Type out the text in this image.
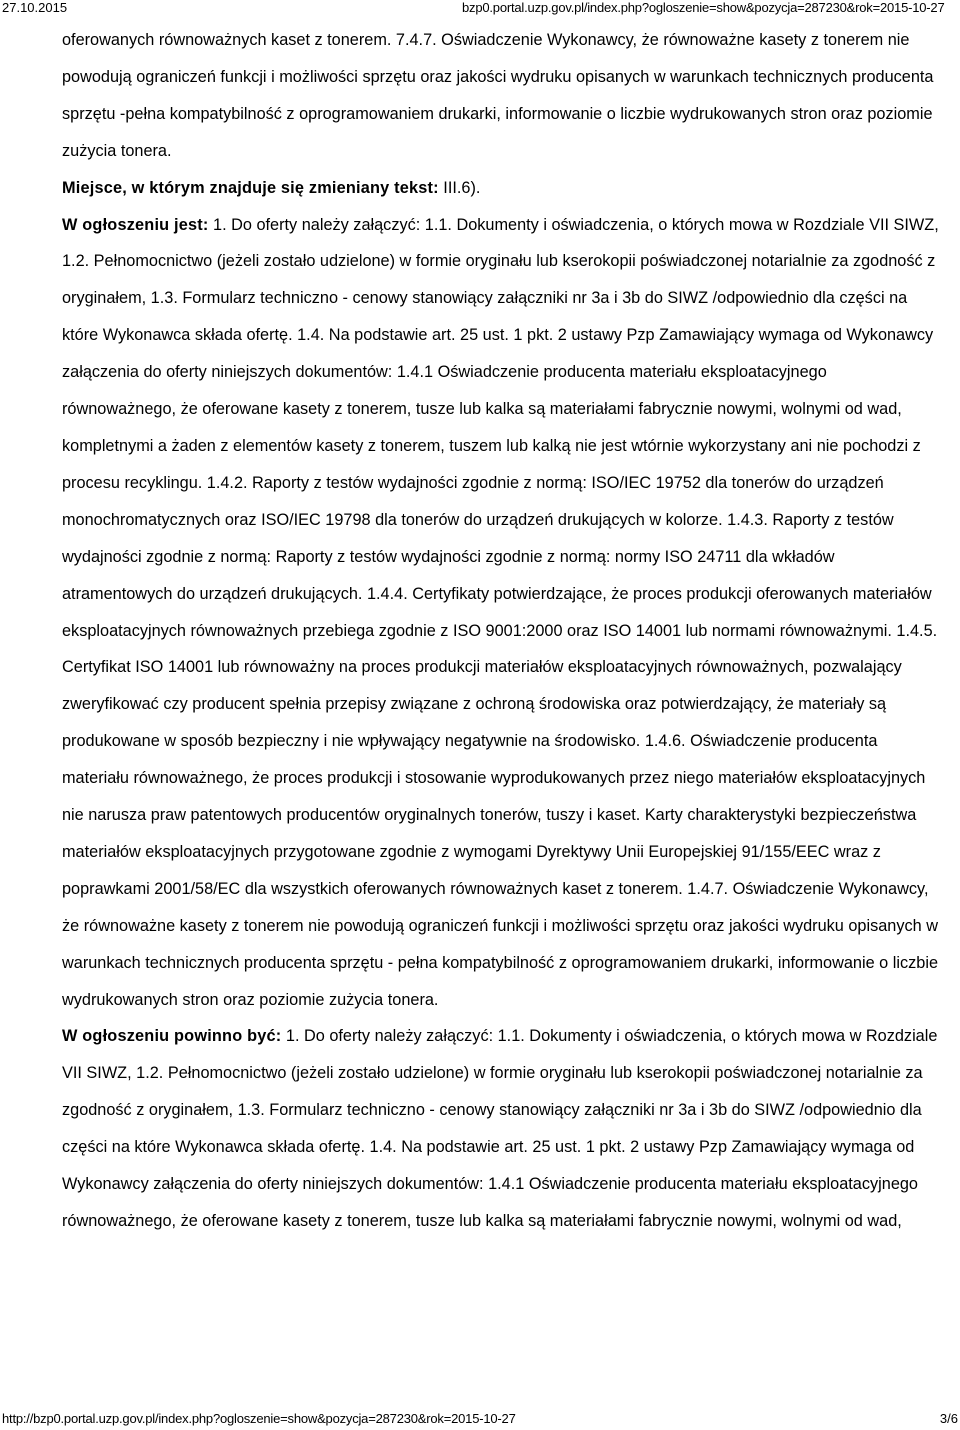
27.10.2015	bzp0.portal.uzp.gov.pl/index.php?ogloszenie=show&pozycja=287230&rok=2015-10-27

oferowanych równoważnych kaset z tonerem. 7.4.7. Oświadczenie Wykonawcy, że równoważne kasety z tonerem nie powodują ograniczeń funkcji i możliwości sprzętu oraz jakości wydruku opisanych w warunkach technicznych producenta sprzętu -pełna kompatybilność z oprogramowaniem drukarki, informowanie o liczbie wydrukowanych stron oraz poziomie zużycia tonera.

Miejsce, w którym znajduje się zmieniany tekst: III.6).

W ogłoszeniu jest: 1. Do oferty należy załączyć: 1.1. Dokumenty i oświadczenia, o których mowa w Rozdziale VII SIWZ, 1.2. Pełnomocnictwo (jeżeli zostało udzielone) w formie oryginału lub kserokopii poświadczonej notarialnie za zgodność z oryginałem, 1.3. Formularz techniczno - cenowy stanowiący załączniki nr 3a i 3b do SIWZ /odpowiednio dla części na które Wykonawca składa ofertę. 1.4. Na podstawie art. 25 ust. 1 pkt. 2 ustawy Pzp Zamawiający wymaga od Wykonawcy załączenia do oferty niniejszych dokumentów: 1.4.1 Oświadczenie producenta materiału eksploatacyjnego równoważnego, że oferowane kasety z tonerem, tusze lub kalka są materiałami fabrycznie nowymi, wolnymi od wad, kompletnymi a żaden z elementów kasety z tonerem, tuszem lub kalką nie jest wtórnie wykorzystany ani nie pochodzi z procesu recyklingu. 1.4.2. Raporty z testów wydajności zgodnie z normą: ISO/IEC 19752 dla tonerów do urządzeń monochromatycznych oraz ISO/IEC 19798 dla tonerów do urządzeń drukujących w kolorze. 1.4.3. Raporty z testów wydajności zgodnie z normą: Raporty z testów wydajności zgodnie z normą: normy ISO 24711 dla wkładów atramentowych do urządzeń drukujących. 1.4.4. Certyfikaty potwierdzające, że proces produkcji oferowanych materiałów eksploatacyjnych równoważnych przebiega zgodnie z ISO 9001:2000 oraz ISO 14001 lub normami równoważnymi. 1.4.5. Certyfikat ISO 14001 lub równoważny na proces produkcji materiałów eksploatacyjnych równoważnych, pozwalający zweryfikować czy producent spełnia przepisy związane z ochroną środowiska oraz potwierdzający, że materiały są produkowane w sposób bezpieczny i nie wpływający negatywnie na środowisko. 1.4.6. Oświadczenie producenta materiału równoważnego, że proces produkcji i stosowanie wyprodukowanych przez niego materiałów eksploatacyjnych nie narusza praw patentowych producentów oryginalnych tonerów, tuszy i kaset. Karty charakterystyki bezpieczeństwa materiałów eksploatacyjnych przygotowane zgodnie z wymogami Dyrektywy Unii Europejskiej 91/155/EEC wraz z poprawkami 2001/58/EC dla wszystkich oferowanych równoważnych kaset z tonerem. 1.4.7. Oświadczenie Wykonawcy, że równoważne kasety z tonerem nie powodują ograniczeń funkcji i możliwości sprzętu oraz jakości wydruku opisanych w warunkach technicznych producenta sprzętu - pełna kompatybilność z oprogramowaniem drukarki, informowanie o liczbie wydrukowanych stron oraz poziomie zużycia tonera.

W ogłoszeniu powinno być: 1. Do oferty należy załączyć: 1.1. Dokumenty i oświadczenia, o których mowa w Rozdziale VII SIWZ, 1.2. Pełnomocnictwo (jeżeli zostało udzielone) w formie oryginału lub kserokopii poświadczonej notarialnie za zgodność z oryginałem, 1.3. Formularz techniczno - cenowy stanowiący załączniki nr 3a i 3b do SIWZ /odpowiednio dla części na które Wykonawca składa ofertę. 1.4. Na podstawie art. 25 ust. 1 pkt. 2 ustawy Pzp Zamawiający wymaga od Wykonawcy załączenia do oferty niniejszych dokumentów: 1.4.1 Oświadczenie producenta materiału eksploatacyjnego równoważnego, że oferowane kasety z tonerem, tusze lub kalka są materiałami fabrycznie nowymi, wolnymi od wad,

http://bzp0.portal.uzp.gov.pl/index.php?ogloszenie=show&pozycja=287230&rok=2015-10-27	3/6
